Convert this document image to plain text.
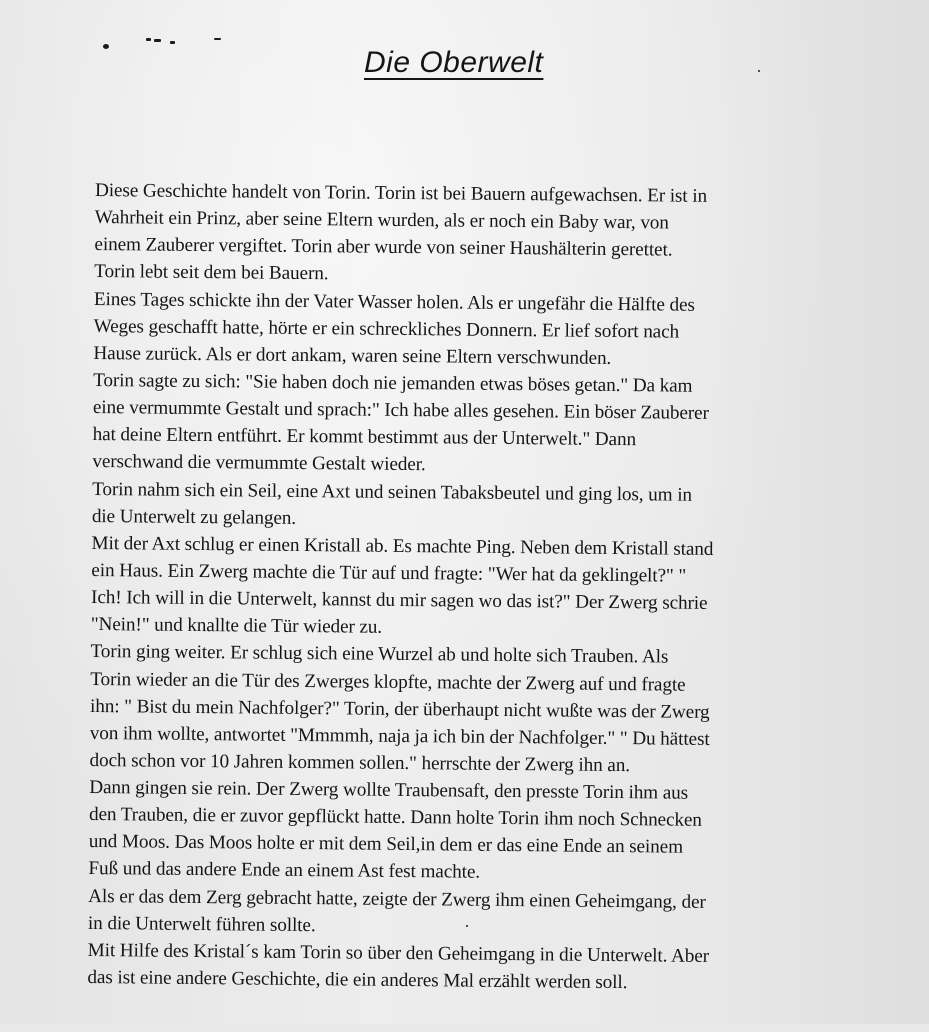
Die Oberwelt
Diese Geschichte handelt von Torin. Torin ist bei Bauern aufgewachsen. Er ist in
Wahrheit ein Prinz, aber seine Eltern wurden, als er noch ein Baby war, von
einem Zauberer vergiftet. Torin aber wurde von seiner Haushälterin gerettet.
Torin lebt seit dem bei Bauern.
Eines Tages schickte ihn der Vater Wasser holen. Als er ungefähr die Hälfte des
Weges geschafft hatte, hörte er ein schreckliches Donnern. Er lief sofort nach
Hause zurück. Als er dort ankam, waren seine Eltern verschwunden.
Torin sagte zu sich: "Sie haben doch nie jemanden etwas böses getan." Da kam
eine vermummte Gestalt und sprach:" Ich habe alles gesehen. Ein böser Zauberer
hat deine Eltern entführt. Er kommt bestimmt aus der Unterwelt." Dann
verschwand die vermummte Gestalt wieder.
Torin nahm sich ein Seil, eine Axt und seinen Tabaksbeutel und ging los, um in
die Unterwelt zu gelangen.
Mit der Axt schlug er einen Kristall ab. Es machte Ping. Neben dem Kristall stand
ein Haus. Ein Zwerg machte die Tür auf und fragte: "Wer hat da geklingelt?" "
Ich! Ich will in die Unterwelt, kannst du mir sagen wo das ist?" Der Zwerg schrie
"Nein!" und knallte die Tür wieder zu.
Torin ging weiter. Er schlug sich eine Wurzel ab und holte sich Trauben. Als
Torin wieder an die Tür des Zwerges klopfte, machte der Zwerg auf und fragte
ihn: " Bist du mein Nachfolger?" Torin, der überhaupt nicht wußte was der Zwerg
von ihm wollte, antwortet "Mmmmh, naja ja ich bin der Nachfolger." " Du hättest
doch schon vor 10 Jahren kommen sollen." herrschte der Zwerg ihn an.
Dann gingen sie rein. Der Zwerg wollte Traubensaft, den presste Torin ihm aus
den Trauben, die er zuvor gepflückt hatte. Dann holte Torin ihm noch Schnecken
und Moos. Das Moos holte er mit dem Seil,in dem er das eine Ende an seinem
Fuß und das andere Ende an einem Ast fest machte.
Als er das dem Zerg gebracht hatte, zeigte der Zwerg ihm einen Geheimgang, der
in die Unterwelt führen sollte.
Mit Hilfe des Kristal´s kam Torin so über den Geheimgang in die Unterwelt. Aber
das ist eine andere Geschichte, die ein anderes Mal erzählt werden soll.
